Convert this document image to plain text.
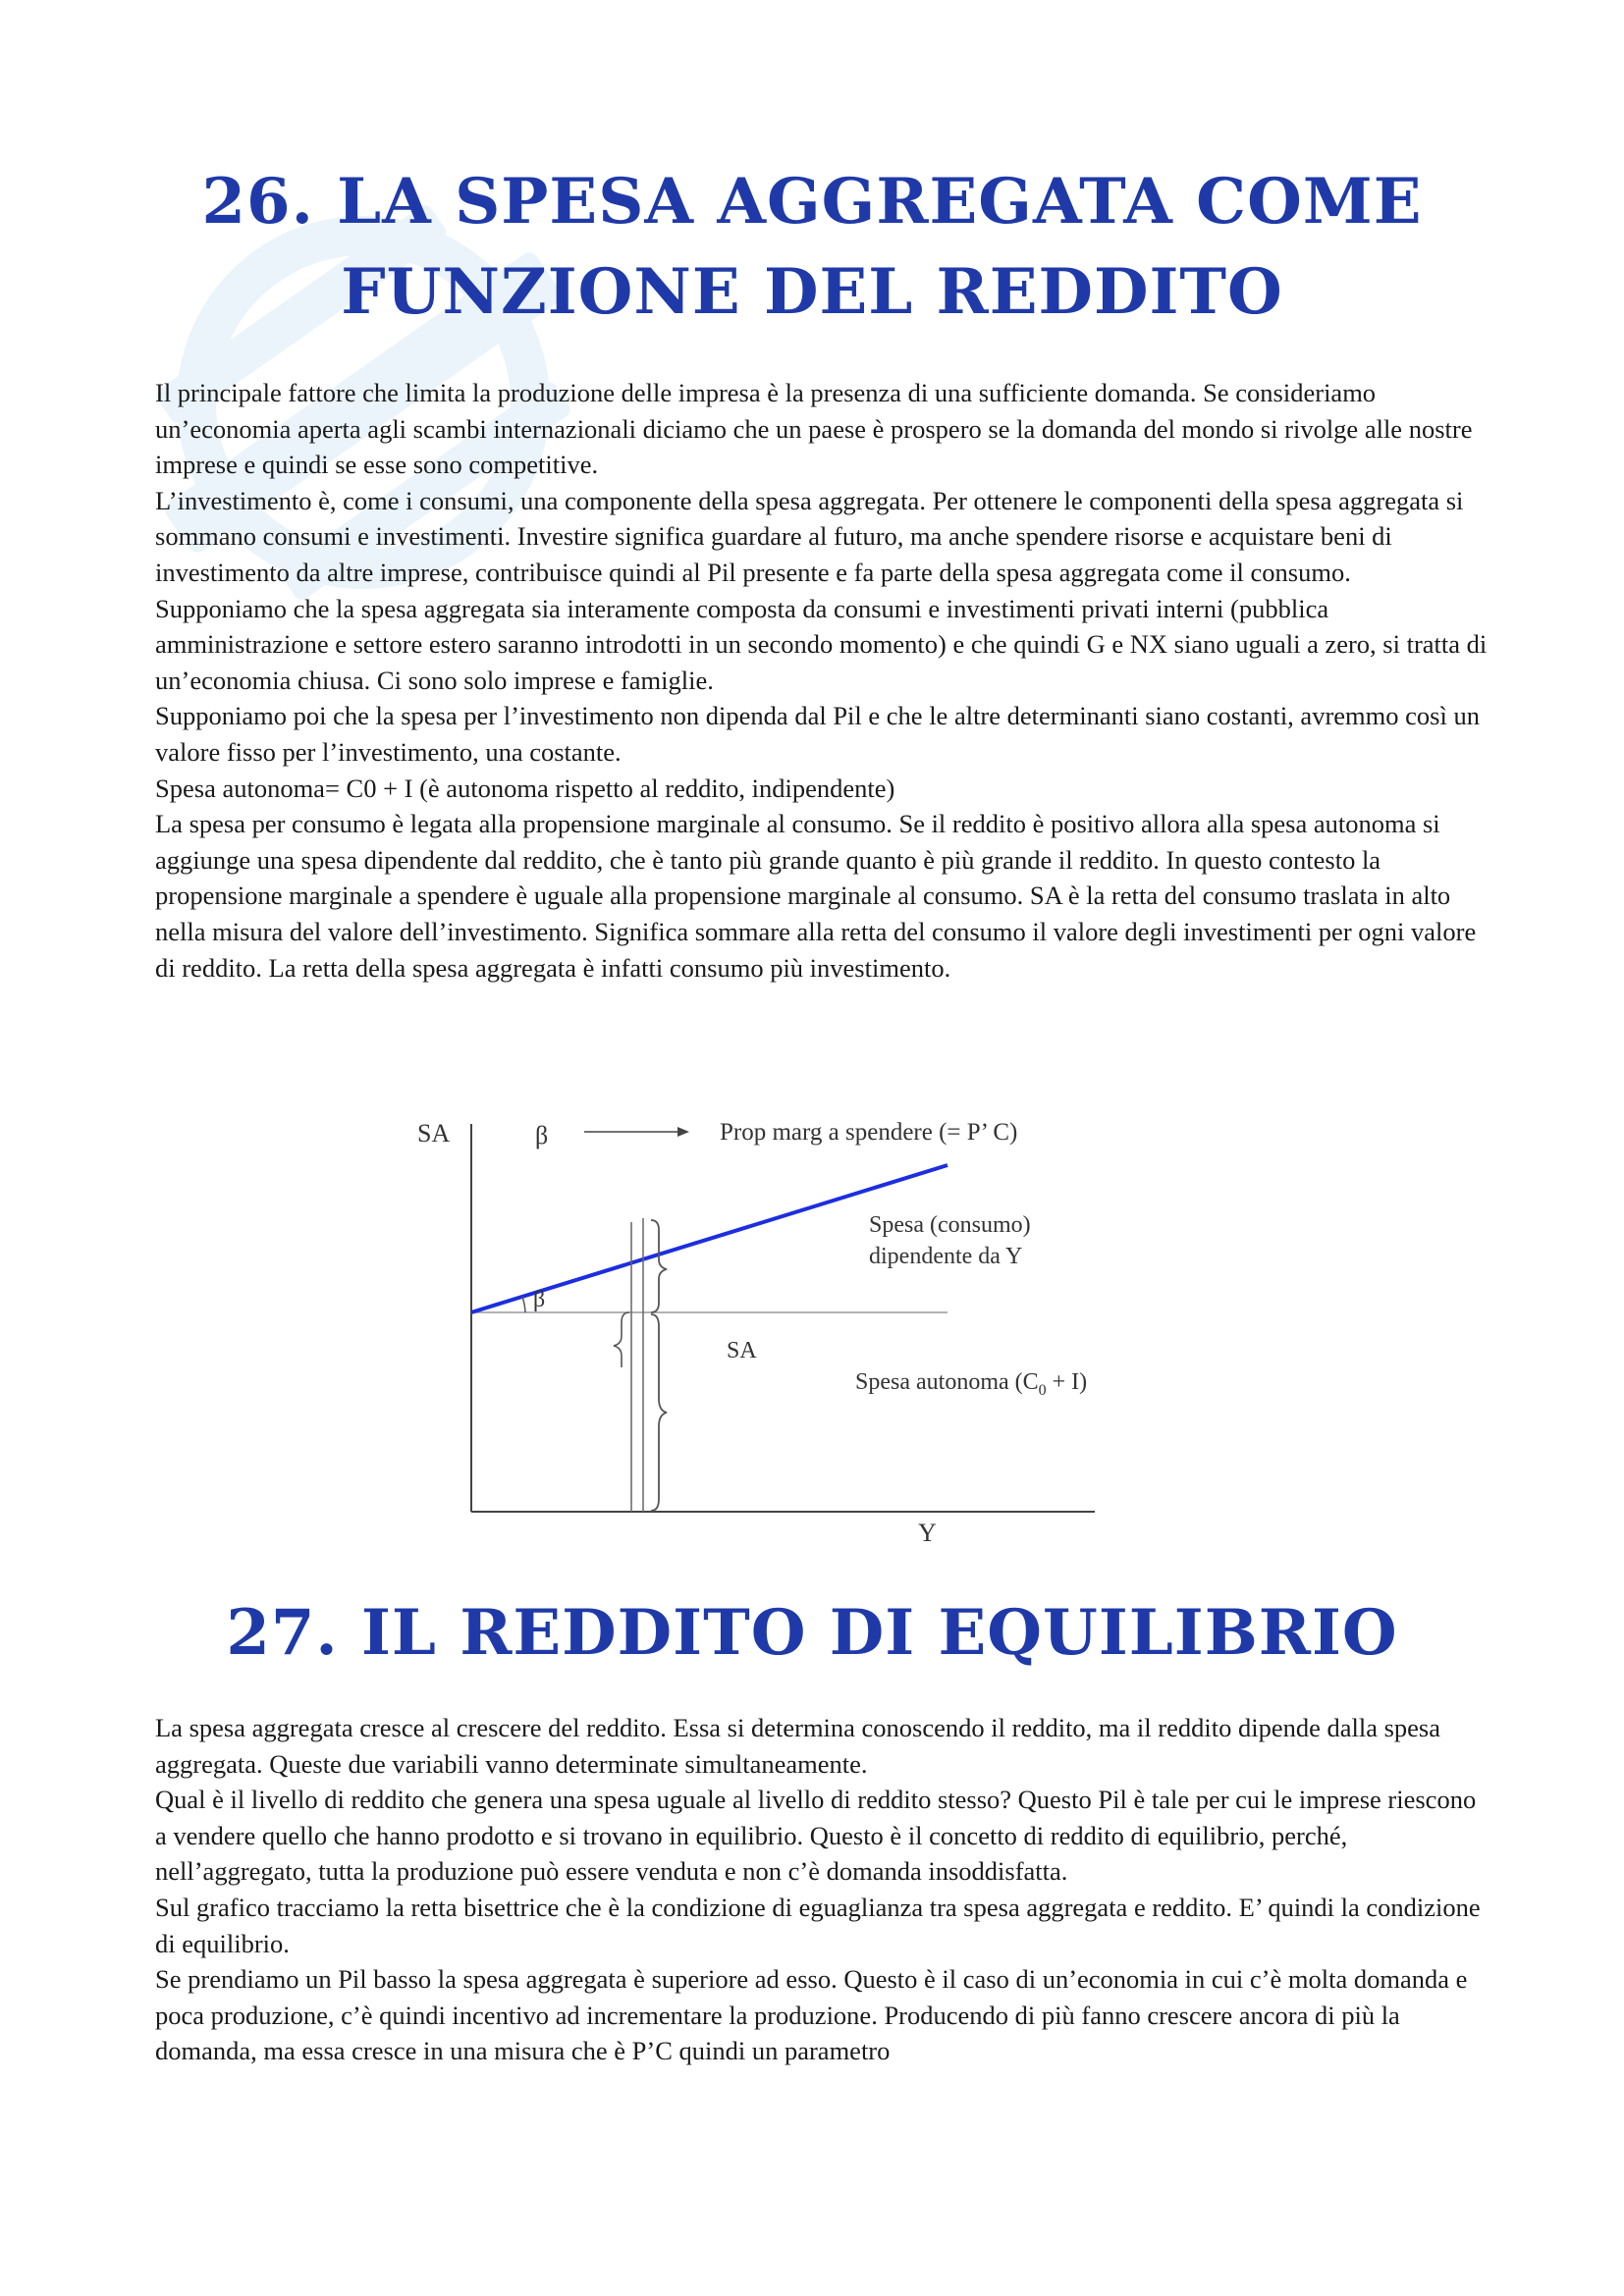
26. LA SPESA AGGREGATA COME
FUNZIONE DEL REDDITO

Il principale fattore che limita la produzione delle impresa è la presenza di una sufficiente domanda. Se consideriamo un’economia aperta agli scambi internazionali diciamo che un paese è prospero se la domanda del mondo si rivolge alle nostre imprese e quindi se esse sono competitive.

L’investimento è, come i consumi, una componente della spesa aggregata. Per ottenere le componenti della spesa aggregata si sommano consumi e investimenti. Investire significa guardare al futuro, ma anche spendere risorse e acquistare beni di investimento da altre imprese, contribuisce quindi al Pil presente e fa parte della spesa aggregata come il consumo.

Supponiamo che la spesa aggregata sia interamente composta da consumi e investimenti privati interni (pubblica amministrazione e settore estero saranno introdotti in un secondo momento) e che quindi G e NX siano uguali a zero, si tratta di un’economia chiusa. Ci sono solo imprese e famiglie.

Supponiamo poi che la spesa per l’investimento non dipenda dal Pil e che le altre determinanti siano costanti, avremmo così un valore fisso per l’investimento, una costante.

Spesa autonoma= C0 + I (è autonoma rispetto al reddito, indipendente)

La spesa per consumo è legata alla propensione marginale al consumo. Se il reddito è positivo allora alla spesa autonoma si aggiunge una spesa dipendente dal reddito, che è tanto più grande quanto è più grande il reddito. In questo contesto la propensione marginale a spendere è uguale alla propensione marginale al consumo. SA è la retta del consumo traslata in alto nella misura del valore dell’investimento. Significa sommare alla retta del consumo il valore degli investimenti per ogni valore di reddito. La retta della spesa aggregata è infatti consumo più investimento.

SA	β	Prop marg a spendere (= P’ C)
β
Spesa (consumo)
dipendente da Y
SA
Spesa autonoma $(C_0 + I)$
Y
27. IL REDDITO DI EQUILIBRIO

La spesa aggregata cresce al crescere del reddito. Essa si determina conoscendo il reddito, ma il reddito dipende dalla spesa aggregata. Queste due variabili vanno determinate simultaneamente.

Qual è il livello di reddito che genera una spesa uguale al livello di reddito stesso? Questo Pil è tale per cui le imprese riescono a vendere quello che hanno prodotto e si trovano in equilibrio. Questo è il concetto di reddito di equilibrio, perché, nell’aggregato, tutta la produzione può essere venduta e non c’è domanda insoddisfatta.

Sul grafico tracciamo la retta bisettrice che è la condizione di eguaglianza tra spesa aggregata e reddito. E’ quindi la condizione di equilibrio.

Se prendiamo un Pil basso la spesa aggregata è superiore ad esso. Questo è il caso di un’economia in cui c’è molta domanda e poca produzione, c’è quindi incentivo ad incrementare la produzione. Producendo di più fanno crescere ancora di più la domanda, ma essa cresce in una misura che è P’C quindi un parametro
